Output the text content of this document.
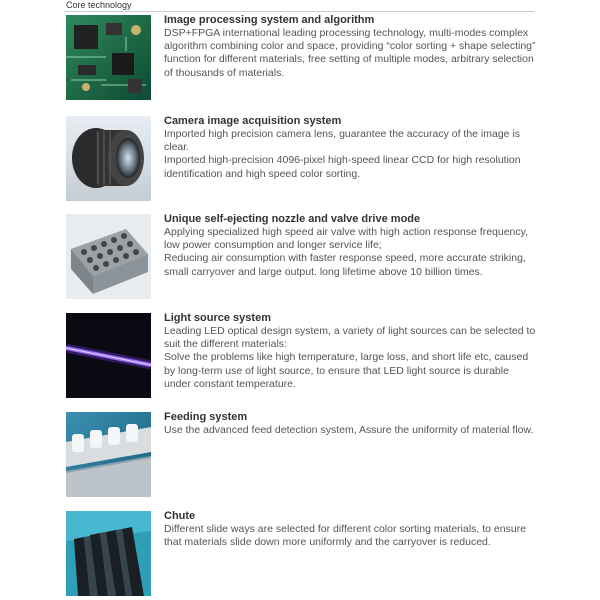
Core technology

Image processing system and algorithm

DSP+FPGA international leading processing technology, multi-modes complex algorithm combining color and space, providing “color sorting + shape selecting” function for different materials, free setting of multiple modes, arbitrary selection of thousands of materials.

Camera image acquisition system

Imported high precision camera lens, guarantee the accuracy of the image is clear.
Imported high-precision 4096-pixel high-speed linear CCD for high resolution identification and high speed color sorting.

Unique self-ejecting nozzle and valve drive mode

Applying specialized high speed air valve with high action response frequency, low power consumption and longer service life;
Reducing air consumption with faster response speed, more accurate striking, small carryover and large output. long lifetime above 10 billion times.

Light source system

Leading LED optical design system, a variety of light sources can be selected to suit the different materials:
Solve the problems like high temperature, large loss, and short life etc, caused by long-term use of light source, to ensure that LED light source is durable under constant temperature.

Feeding system

Use the advanced feed detection system, Assure the uniformity of material flow.

Chute

Different slide ways are selected for different color sorting materials, to ensure that materials slide down more uniformly and the carryover is reduced.
